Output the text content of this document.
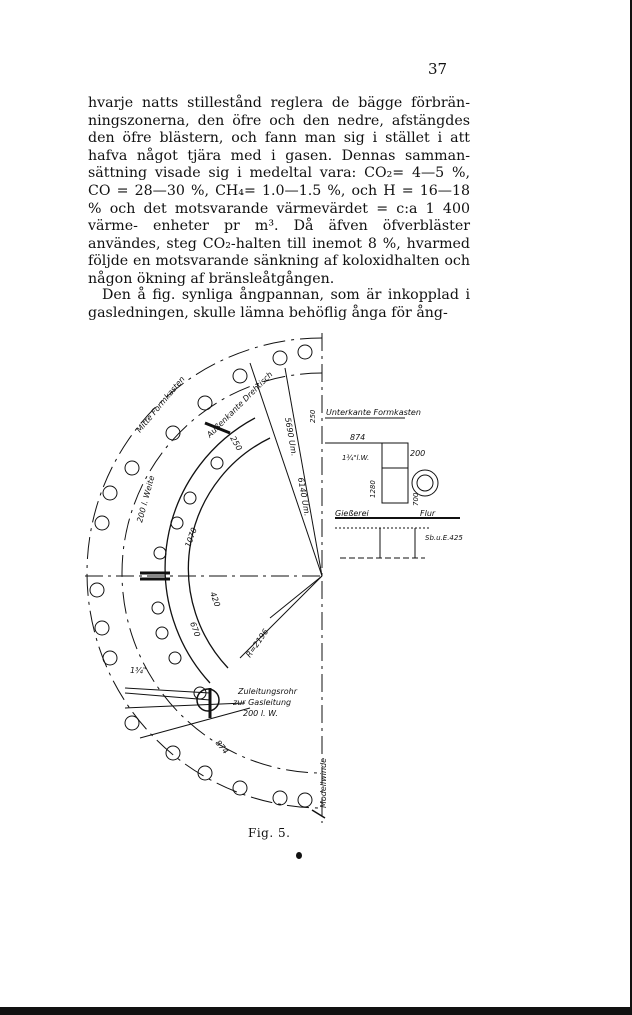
37

hvarje natts stillestånd reglera de bägge förbrän- ningszonerna, den öfre och den nedre, afstängdes den öfre blästern, och fann man sig i stället i att hafva något tjära med i gasen. Dennas samman- sättning visade sig i medeltal vara: CO₂= 4—5 %, CO = 28—30 %, CH₄= 1.0—1.5 %, och H = 16—18 % och det motsvarande värmevärdet = c:a 1 400 värme- enheter pr m³. Då äfven öfverbläster användes, steg CO₂-halten till inemot 8 %, hvarmed följde en motsvarande sänkning af koloxidhalten och någon ökning af bränsleåtgången.

Den å fig. synliga ångpannan, som är inkopplad i gasledningen, skulle lämna behöflig ånga för ång-

Mitte Formkasten Außenkante Drehtisch 5690 Um.
6140 Um.
1070
200 l. Weite
250
670
420
R=2196
1¾"
Zuleitungsrohr
zur Gasleitung
200 l. W.
874
Modellwinde
Unterkante Formkasten
874
1¾"l.W.	200
250
1280
700
Gießerei	Flur
Sb.u.E.425
Fig. 5.
